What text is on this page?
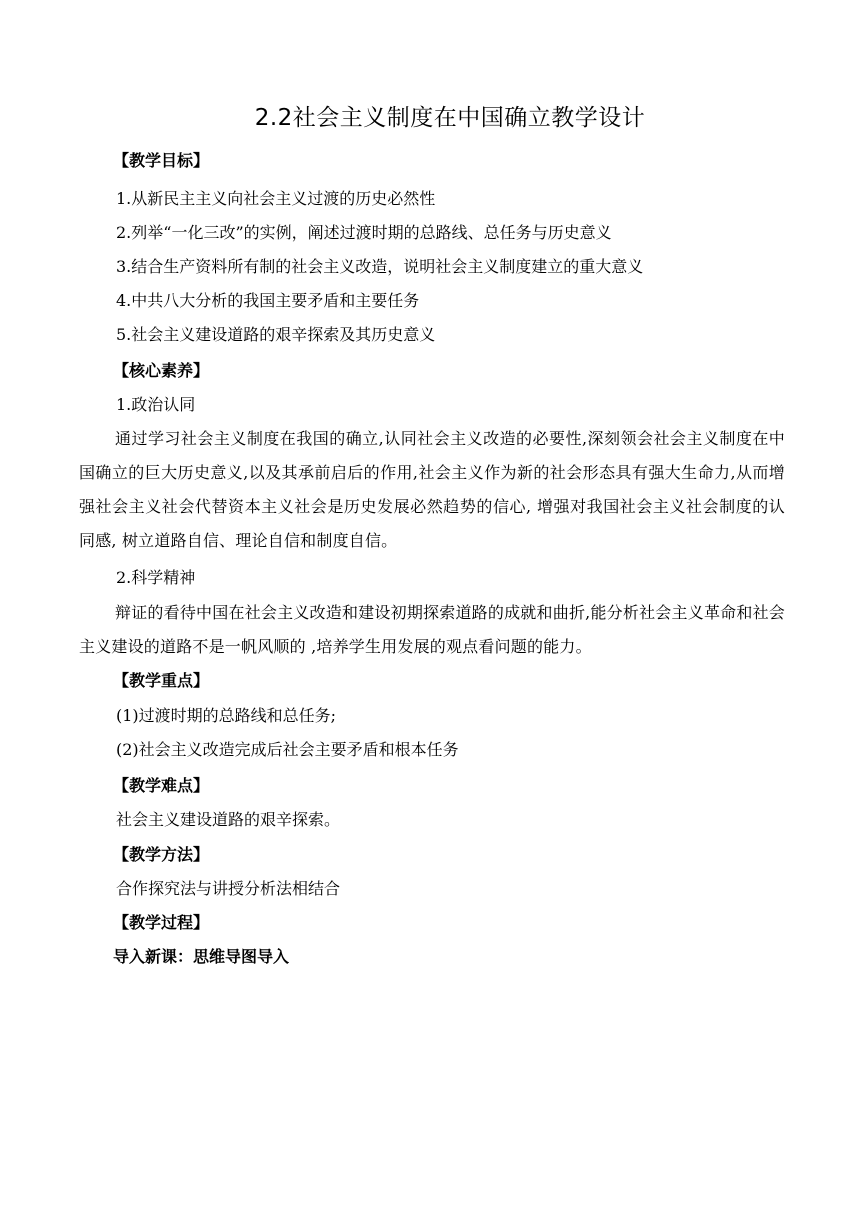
2.2社会主义制度在中国确立教学设计
【教学目标】
1.从新民主主义向社会主义过渡的历史必然性
2.列举“一化三改”的实例，阐述过渡时期的总路线、总任务与历史意义
3.结合生产资料所有制的社会主义改造，说明社会主义制度建立的重大意义
4.中共八大分析的我国主要矛盾和主要任务
5.社会主义建设道路的艰辛探索及其历史意义
【核心素养】
1.政治认同
通过学习社会主义制度在我国的确立,认同社会主义改造的必要性,深刻领会社会主义制度在中国确立的巨大历史意义,以及其承前启后的作用,社会主义作为新的社会形态具有强大生命力,从而增强社会主义社会代替资本主义社会是历史发展必然趋势的信心, 增强对我国社会主义社会制度的认同感, 树立道路自信、理论自信和制度自信。
2.科学精神
辩证的看待中国在社会主义改造和建设初期探索道路的成就和曲折,能分析社会主义革命和社会主义建设的道路不是一帆风顺的 ,培养学生用发展的观点看问题的能力。
【教学重点】
(1)过渡时期的总路线和总任务;
(2)社会主义改造完成后社会主要矛盾和根本任务
【教学难点】
社会主义建设道路的艰辛探索。
【教学方法】
合作探究法与讲授分析法相结合
【教学过程】
导入新课：思维导图导入
